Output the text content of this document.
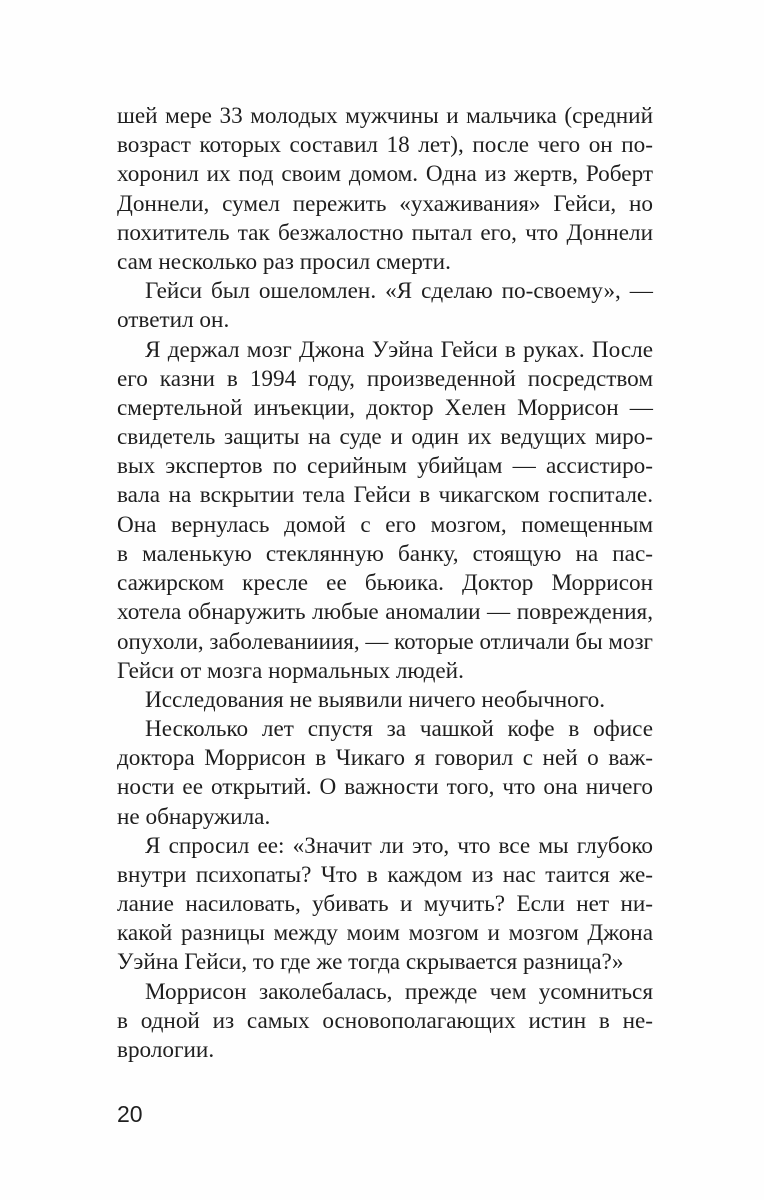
шей мере 33 молодых мужчины и мальчика (средний
возраст которых составил 18 лет), после чего он по-
хоронил их под своим домом. Одна из жертв, Роберт
Доннели, сумел пережить «ухаживания» Гейси, но
похититель так безжалостно пытал его, что Доннели
сам несколько раз просил смерти.
Гейси был ошеломлен. «Я сделаю по-своему», —
ответил он.
Я держал мозг Джона Уэйна Гейси в руках. После
его казни в 1994 году, произведенной посредством
смертельной инъекции, доктор Хелен Моррисон —
свидетель защиты на суде и один их ведущих миро-
вых экспертов по серийным убийцам — ассистиро-
вала на вскрытии тела Гейси в чикагском госпитале.
Она вернулась домой с его мозгом, помещенным
в маленькую стеклянную банку, стоящую на пас-
сажирском кресле ее бьюика. Доктор Моррисон
хотела обнаружить любые аномалии — повреждения,
опухоли, заболеванииия, — которые отличали бы мозг
Гейси от мозга нормальных людей.
Исследования не выявили ничего необычного.
Несколько лет спустя за чашкой кофе в офисе
доктора Моррисон в Чикаго я говорил с ней о важ-
ности ее открытий. О важности того, что она ничего
не обнаружила.
Я спросил ее: «Значит ли это, что все мы глубоко
внутри психопаты? Что в каждом из нас таится же-
лание насиловать, убивать и мучить? Если нет ни-
какой разницы между моим мозгом и мозгом Джона
Уэйна Гейси, то где же тогда скрывается разница?»
Моррисон заколебалась, прежде чем усомниться
в одной из самых основополагающих истин в не-
врологии.
20
